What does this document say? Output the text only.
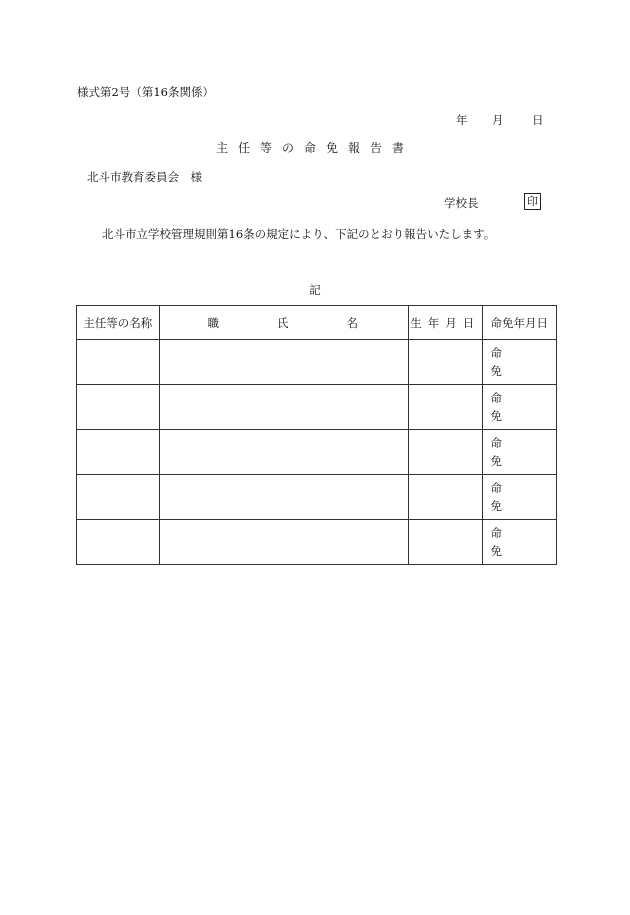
様式第2号（第16条関係）
年 月 日
主任等の命免報告書
北斗市教育委員会　様
学校長	印
北斗市立学校管理規則第16条の規定により、下記のとおり報告いたします。
記
主任等の名称	職 氏 名	生年月日	命免年月日

			命
免

			命
免

			命
免

			命
免

			命
免
